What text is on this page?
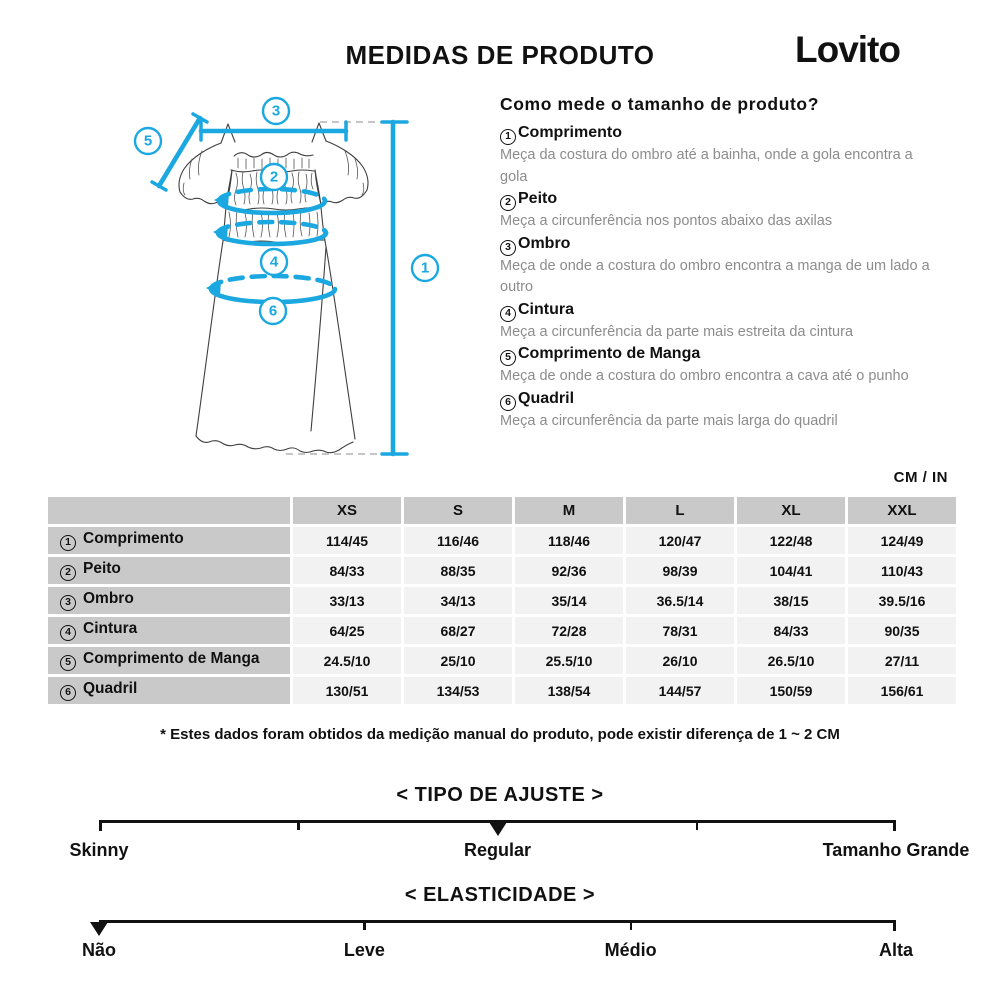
MEDIDAS DE PRODUTO	Lovito
3
5
2
4
6
1
Como mede o tamanho de produto?
1 Comprimento

Meça da costura do ombro até a bainha, onde a gola encontra a gola

2 Peito

Meça a circunferência nos pontos abaixo das axilas

3 Ombro

Meça de onde a costura do ombro encontra a manga de um lado a outro

4 Cintura

Meça a circunferência da parte mais estreita da cintura

5 Comprimento de Manga

Meça de onde a costura do ombro encontra a cava até o punho

6 Quadril

Meça a circunferência da parte mais larga do quadril

CM / IN
	XS	S	M	L	XL	XXL
1 Comprimento	114/45	116/46	118/46	120/47	122/48	124/49
2 Peito	84/33	88/35	92/36	98/39	104/41	110/43
3 Ombro	33/13	34/13	35/14	36.5/14	38/15	39.5/16
4 Cintura	64/25	68/27	72/28	78/31	84/33	90/35
5 Comprimento de Manga	24.5/10	25/10	25.5/10	26/10	26.5/10	27/11
6 Quadril	130/51	134/53	138/54	144/57	150/59	156/61
* Estes dados foram obtidos da medição manual do produto, pode existir diferença de 1 ~ 2 CM
< TIPO DE AJUSTE >
Skinny	Regular	Tamanho Grande
< ELASTICIDADE >
Não	Leve	Médio	Alta
